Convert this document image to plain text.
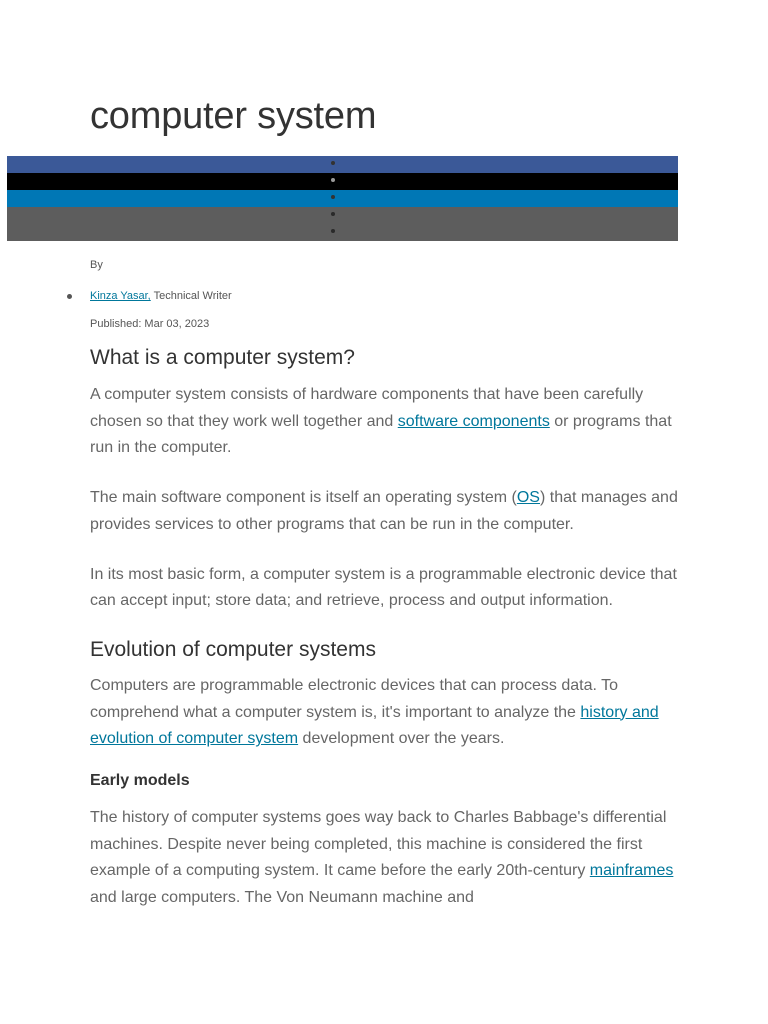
computer system

By

Kinza Yasar, Technical Writer

Published: Mar 03, 2023

What is a computer system?

A computer system consists of hardware components that have been carefully chosen so that they work well together and software components or programs that run in the computer.

The main software component is itself an operating system (OS) that manages and provides services to other programs that can be run in the computer.

In its most basic form, a computer system is a programmable electronic device that can accept input; store data; and retrieve, process and output information.

Evolution of computer systems

Computers are programmable electronic devices that can process data. To comprehend what a computer system is, it's important to analyze the history and evolution of computer system development over the years.

Early models

The history of computer systems goes way back to Charles Babbage's differential machines. Despite never being completed, this machine is considered the first example of a computing system. It came before the early 20th-century mainframes and large computers. The Von Neumann machine and
